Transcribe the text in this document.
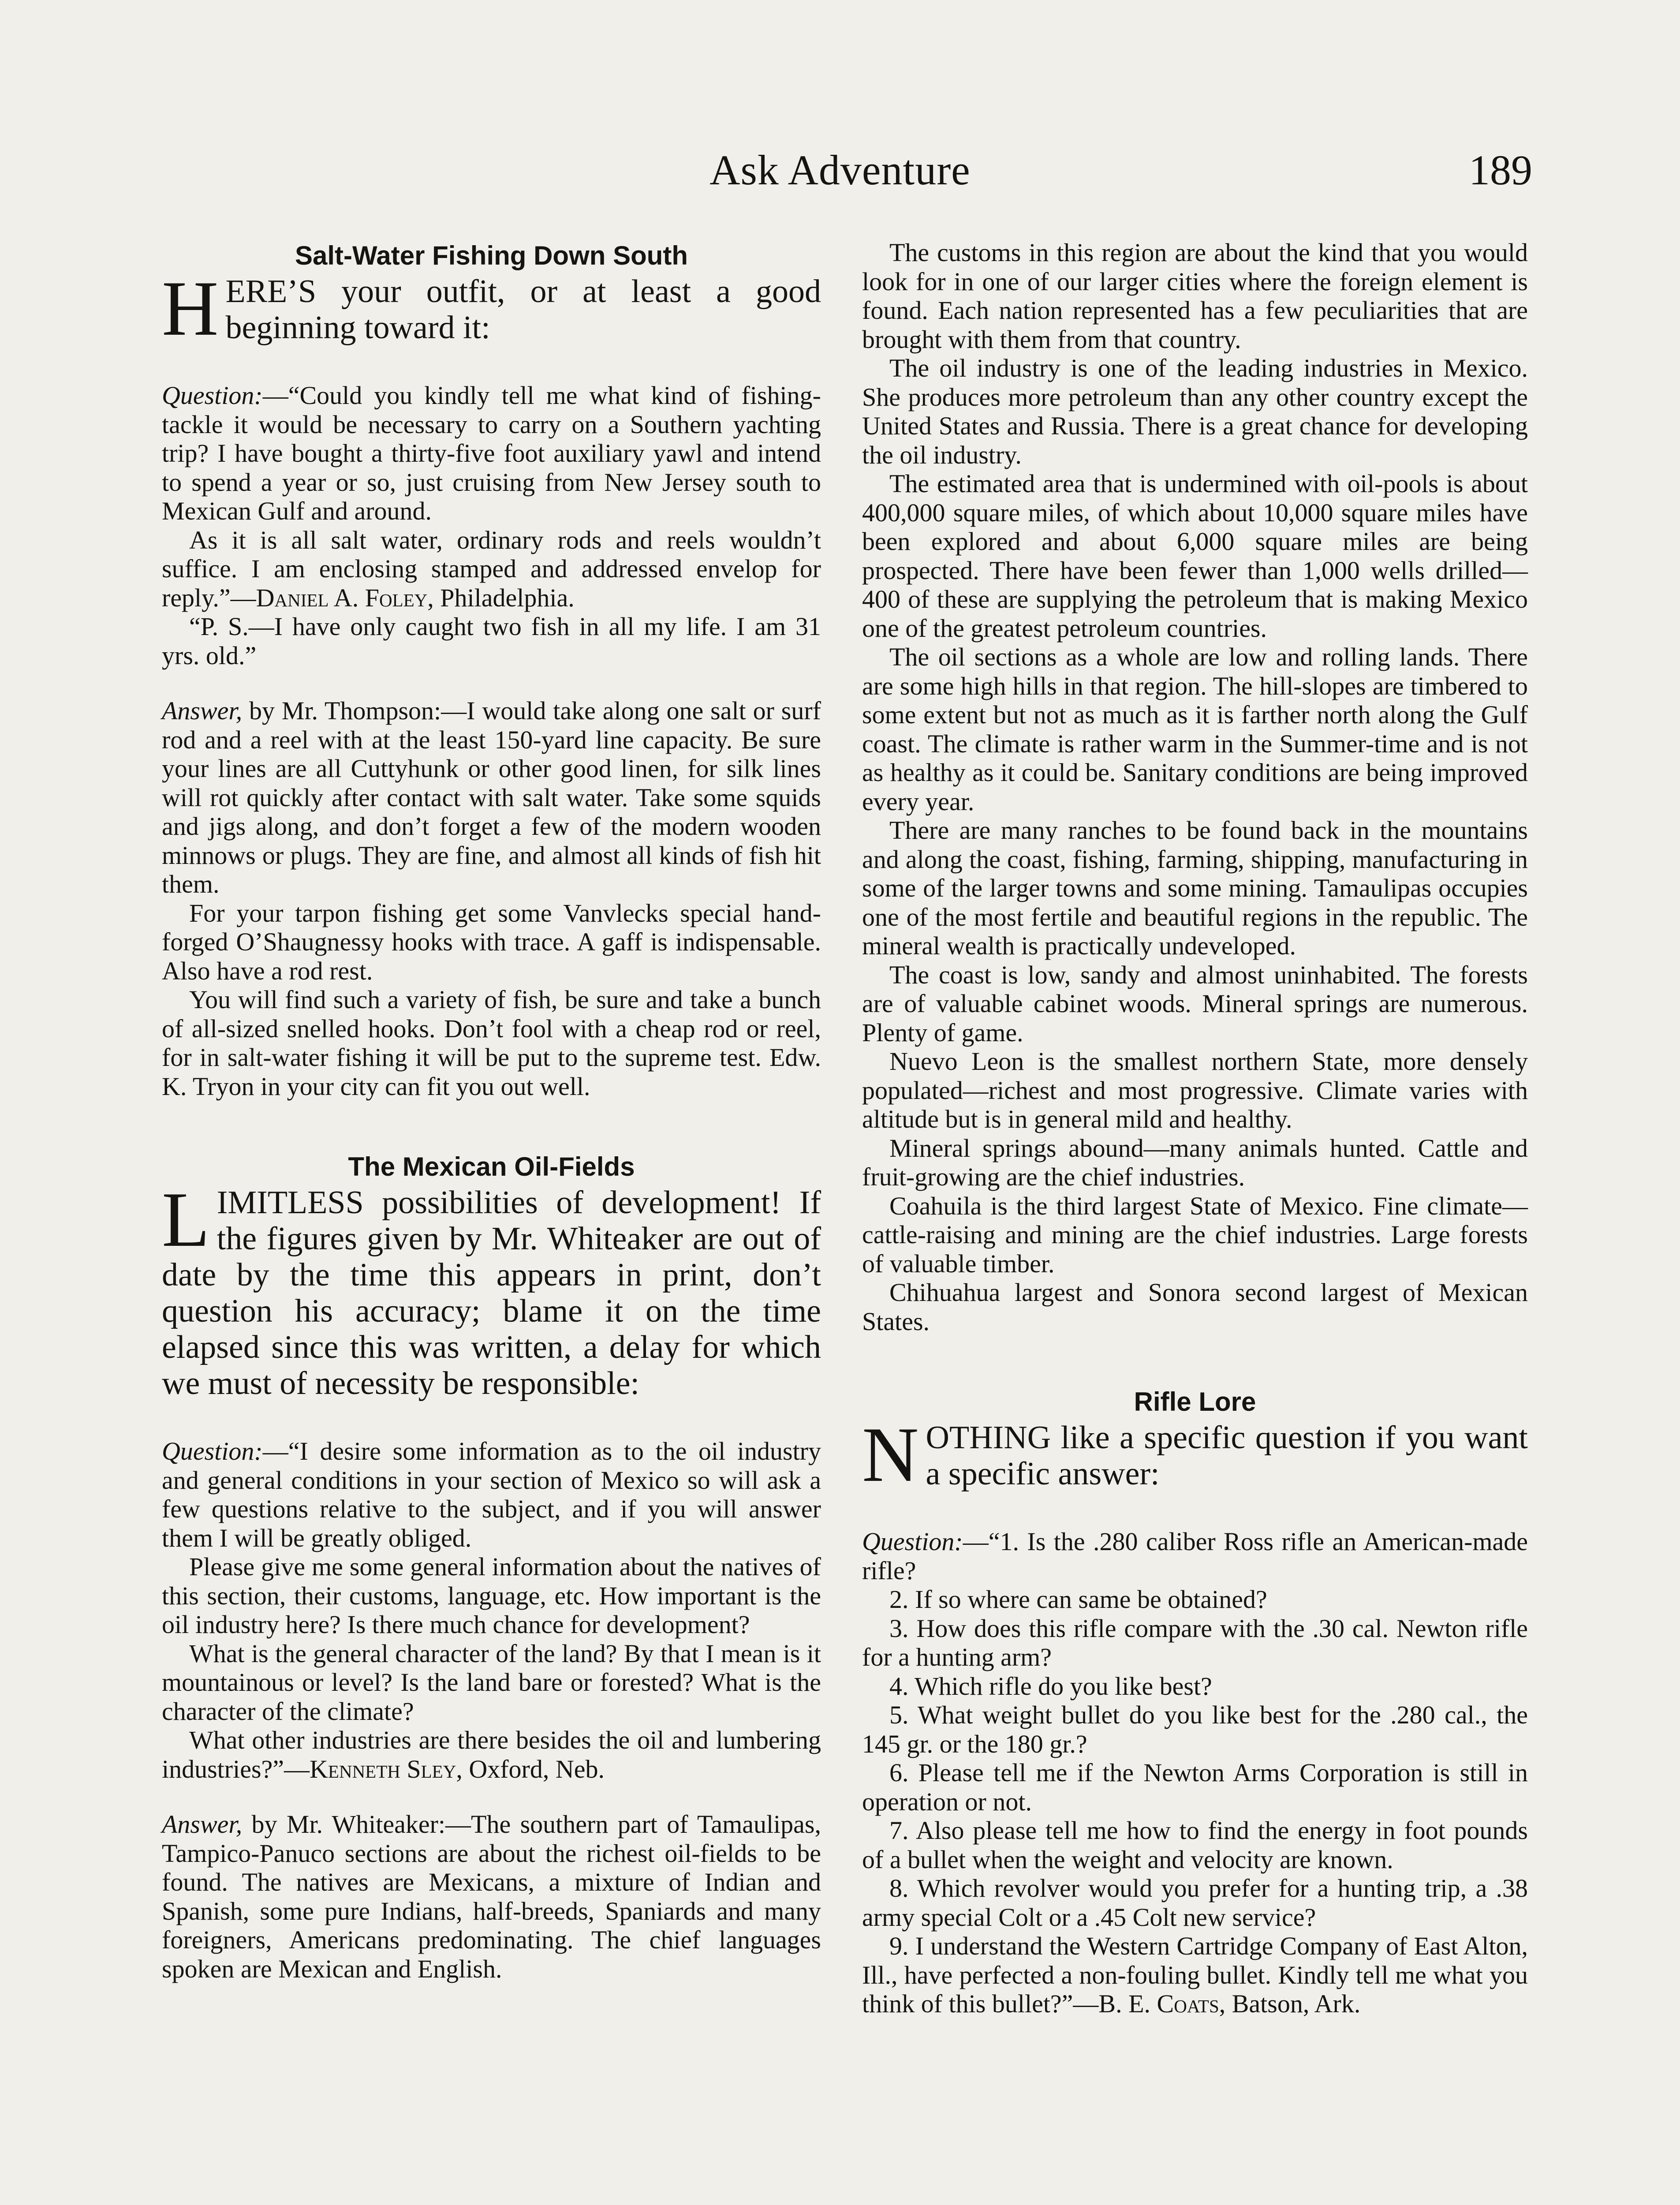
Ask Adventure	189
Salt-Water Fishing Down South
HERE’S your outfit, or at least a good beginning toward it:

Question:—“Could you kindly tell me what kind of fishing-tackle it would be necessary to carry on a Southern yachting trip? I have bought a thirty-five foot auxiliary yawl and intend to spend a year or so, just cruising from New Jersey south to Mexican Gulf and around.

As it is all salt water, ordinary rods and reels wouldn’t suffice. I am enclosing stamped and addressed envelop for reply.”—Daniel A. Foley, Philadelphia.

“P. S.—I have only caught two fish in all my life. I am 31 yrs. old.”

Answer, by Mr. Thompson:—I would take along one salt or surf rod and a reel with at the least 150-yard line capacity. Be sure your lines are all Cuttyhunk or other good linen, for silk lines will rot quickly after contact with salt water. Take some squids and jigs along, and don’t forget a few of the modern wooden minnows or plugs. They are fine, and almost all kinds of fish hit them.

For your tarpon fishing get some Vanvlecks special hand-forged O’Shaugnessy hooks with trace. A gaff is indispensable. Also have a rod rest.

You will find such a variety of fish, be sure and take a bunch of all-sized snelled hooks. Don’t fool with a cheap rod or reel, for in salt-water fishing it will be put to the supreme test. Edw. K. Tryon in your city can fit you out well.

The Mexican Oil-Fields
LIMITLESS possibilities of development! If the figures given by Mr. Whiteaker are out of date by the time this appears in print, don’t question his accuracy; blame it on the time elapsed since this was written, a delay for which we must of necessity be responsible:

Question:—“I desire some information as to the oil industry and general conditions in your section of Mexico so will ask a few questions relative to the subject, and if you will answer them I will be greatly obliged.

Please give me some general information about the natives of this section, their customs, language, etc. How important is the oil industry here? Is there much chance for development?

What is the general character of the land? By that I mean is it mountainous or level? Is the land bare or forested? What is the character of the climate?

What other industries are there besides the oil and lumbering industries?”—Kenneth Sley, Oxford, Neb.

Answer, by Mr. Whiteaker:—The southern part of Tamaulipas, Tampico-Panuco sections are about the richest oil-fields to be found. The natives are Mexicans, a mixture of Indian and Spanish, some pure Indians, half-breeds, Spaniards and many foreigners, Americans predominating. The chief languages spoken are Mexican and English.

The customs in this region are about the kind that you would look for in one of our larger cities where the foreign element is found. Each nation represented has a few peculiarities that are brought with them from that country.

The oil industry is one of the leading industries in Mexico. She produces more petroleum than any other country except the United States and Russia. There is a great chance for developing the oil industry.

The estimated area that is undermined with oil-pools is about 400,000 square miles, of which about 10,000 square miles have been explored and about 6,000 square miles are being prospected. There have been fewer than 1,000 wells drilled—400 of these are supplying the petroleum that is making Mexico one of the greatest petroleum countries.

The oil sections as a whole are low and rolling lands. There are some high hills in that region. The hill-slopes are timbered to some extent but not as much as it is farther north along the Gulf coast. The climate is rather warm in the Summer-time and is not as healthy as it could be. Sanitary conditions are being improved every year.

There are many ranches to be found back in the mountains and along the coast, fishing, farming, shipping, manufacturing in some of the larger towns and some mining. Tamaulipas occupies one of the most fertile and beautiful regions in the republic. The mineral wealth is practically undeveloped.

The coast is low, sandy and almost uninhabited. The forests are of valuable cabinet woods. Mineral springs are numerous. Plenty of game.

Nuevo Leon is the smallest northern State, more densely populated—richest and most progressive. Climate varies with altitude but is in general mild and healthy.

Mineral springs abound—many animals hunted. Cattle and fruit-growing are the chief industries.

Coahuila is the third largest State of Mexico. Fine climate—cattle-raising and mining are the chief industries. Large forests of valuable timber.

Chihuahua largest and Sonora second largest of Mexican States.

Rifle Lore
NOTHING like a specific question if you want a specific answer:

Question:—“1. Is the .280 caliber Ross rifle an American-made rifle?

2. If so where can same be obtained?

3. How does this rifle compare with the .30 cal. Newton rifle for a hunting arm?

4. Which rifle do you like best?

5. What weight bullet do you like best for the .280 cal., the 145 gr. or the 180 gr.?

6. Please tell me if the Newton Arms Corporation is still in operation or not.

7. Also please tell me how to find the energy in foot pounds of a bullet when the weight and velocity are known.

8. Which revolver would you prefer for a hunting trip, a .38 army special Colt or a .45 Colt new service?

9. I understand the Western Cartridge Company of East Alton, Ill., have perfected a non-fouling bullet. Kindly tell me what you think of this bullet?”—B. E. Coats, Batson, Ark.
